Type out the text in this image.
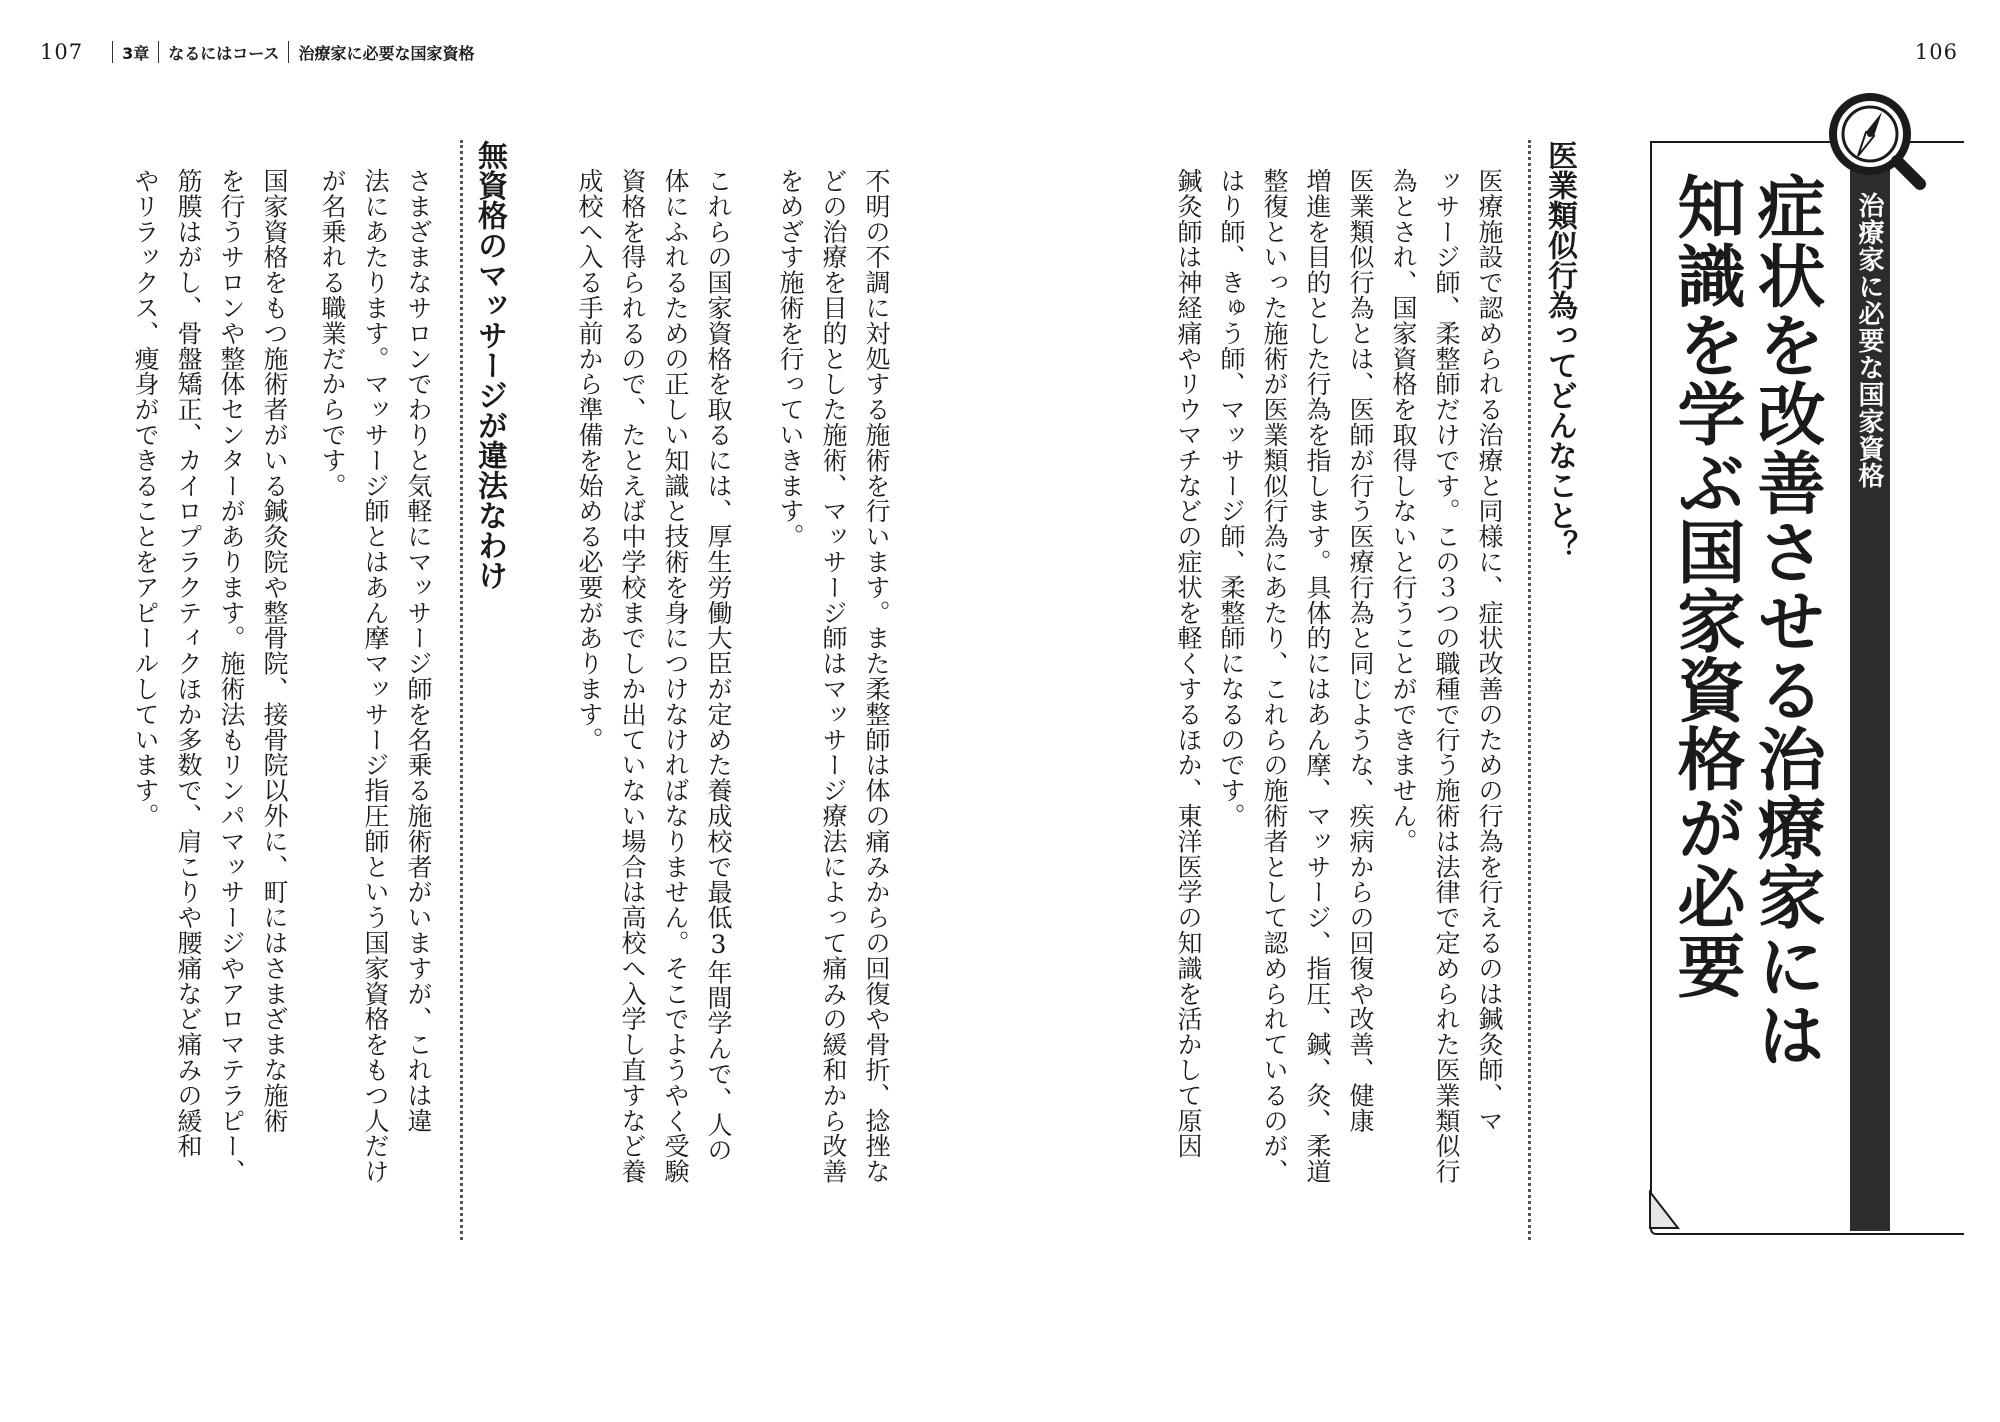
107 3章 なるにはコース 治療家に必要な国家資格	106
治療家に必要な国家資格
症状を改善させる治療家には
知識を学ぶ国家資格が必要
医業類似行為ってどんなこと？
医療施設で認められる治療と同様に、症状改善のための行為を行えるのは鍼灸師、マ
ッサージ師、柔整師だけです。この３つの職種で行う施術は法律で定められた医業類似行
為とされ、国家資格を取得しないと行うことができません。
医業類似行為とは、医師が行う医療行為と同じような、疾病からの回復や改善、健康
増進を目的とした行為を指します。具体的にはあん摩、マッサージ、指圧、鍼、灸、柔道
整復といった施術が医業類似行為にあたり、これらの施術者として認められているのが、
はり師、きゅう師、マッサージ師、柔整師になるのです。
鍼灸師は神経痛やリウマチなどの症状を軽くするほか、東洋医学の知識を活かして原因
不明の不調に対処する施術を行います。また柔整師は体の痛みからの回復や骨折、捻挫な
どの治療を目的とした施術、マッサージ師はマッサージ療法によって痛みの緩和から改善
をめざす施術を行っていきます。
これらの国家資格を取るには、厚生労働大臣が定めた養成校で最低3年間学んで、人の
体にふれるための正しい知識と技術を身につけなければなりません。そこでようやく受験
資格を得られるので、たとえば中学校までしか出ていない場合は高校へ入学し直すなど養
成校へ入る手前から準備を始める必要があります。
無資格のマッサージが違法なわけ
さまざまなサロンでわりと気軽にマッサージ師を名乗る施術者がいますが、これは違
法にあたります。マッサージ師とはあん摩マッサージ指圧師という国家資格をもつ人だけ
が名乗れる職業だからです。
国家資格をもつ施術者がいる鍼灸院や整骨院、接骨院以外に、町にはさまざまな施術
を行うサロンや整体センターがあります。施術法もリンパマッサージやアロマテラピー、
筋膜はがし、骨盤矯正、カイロプラクティクほか多数で、肩こりや腰痛など痛みの緩和
やリラックス、痩身ができることをアピールしています。
